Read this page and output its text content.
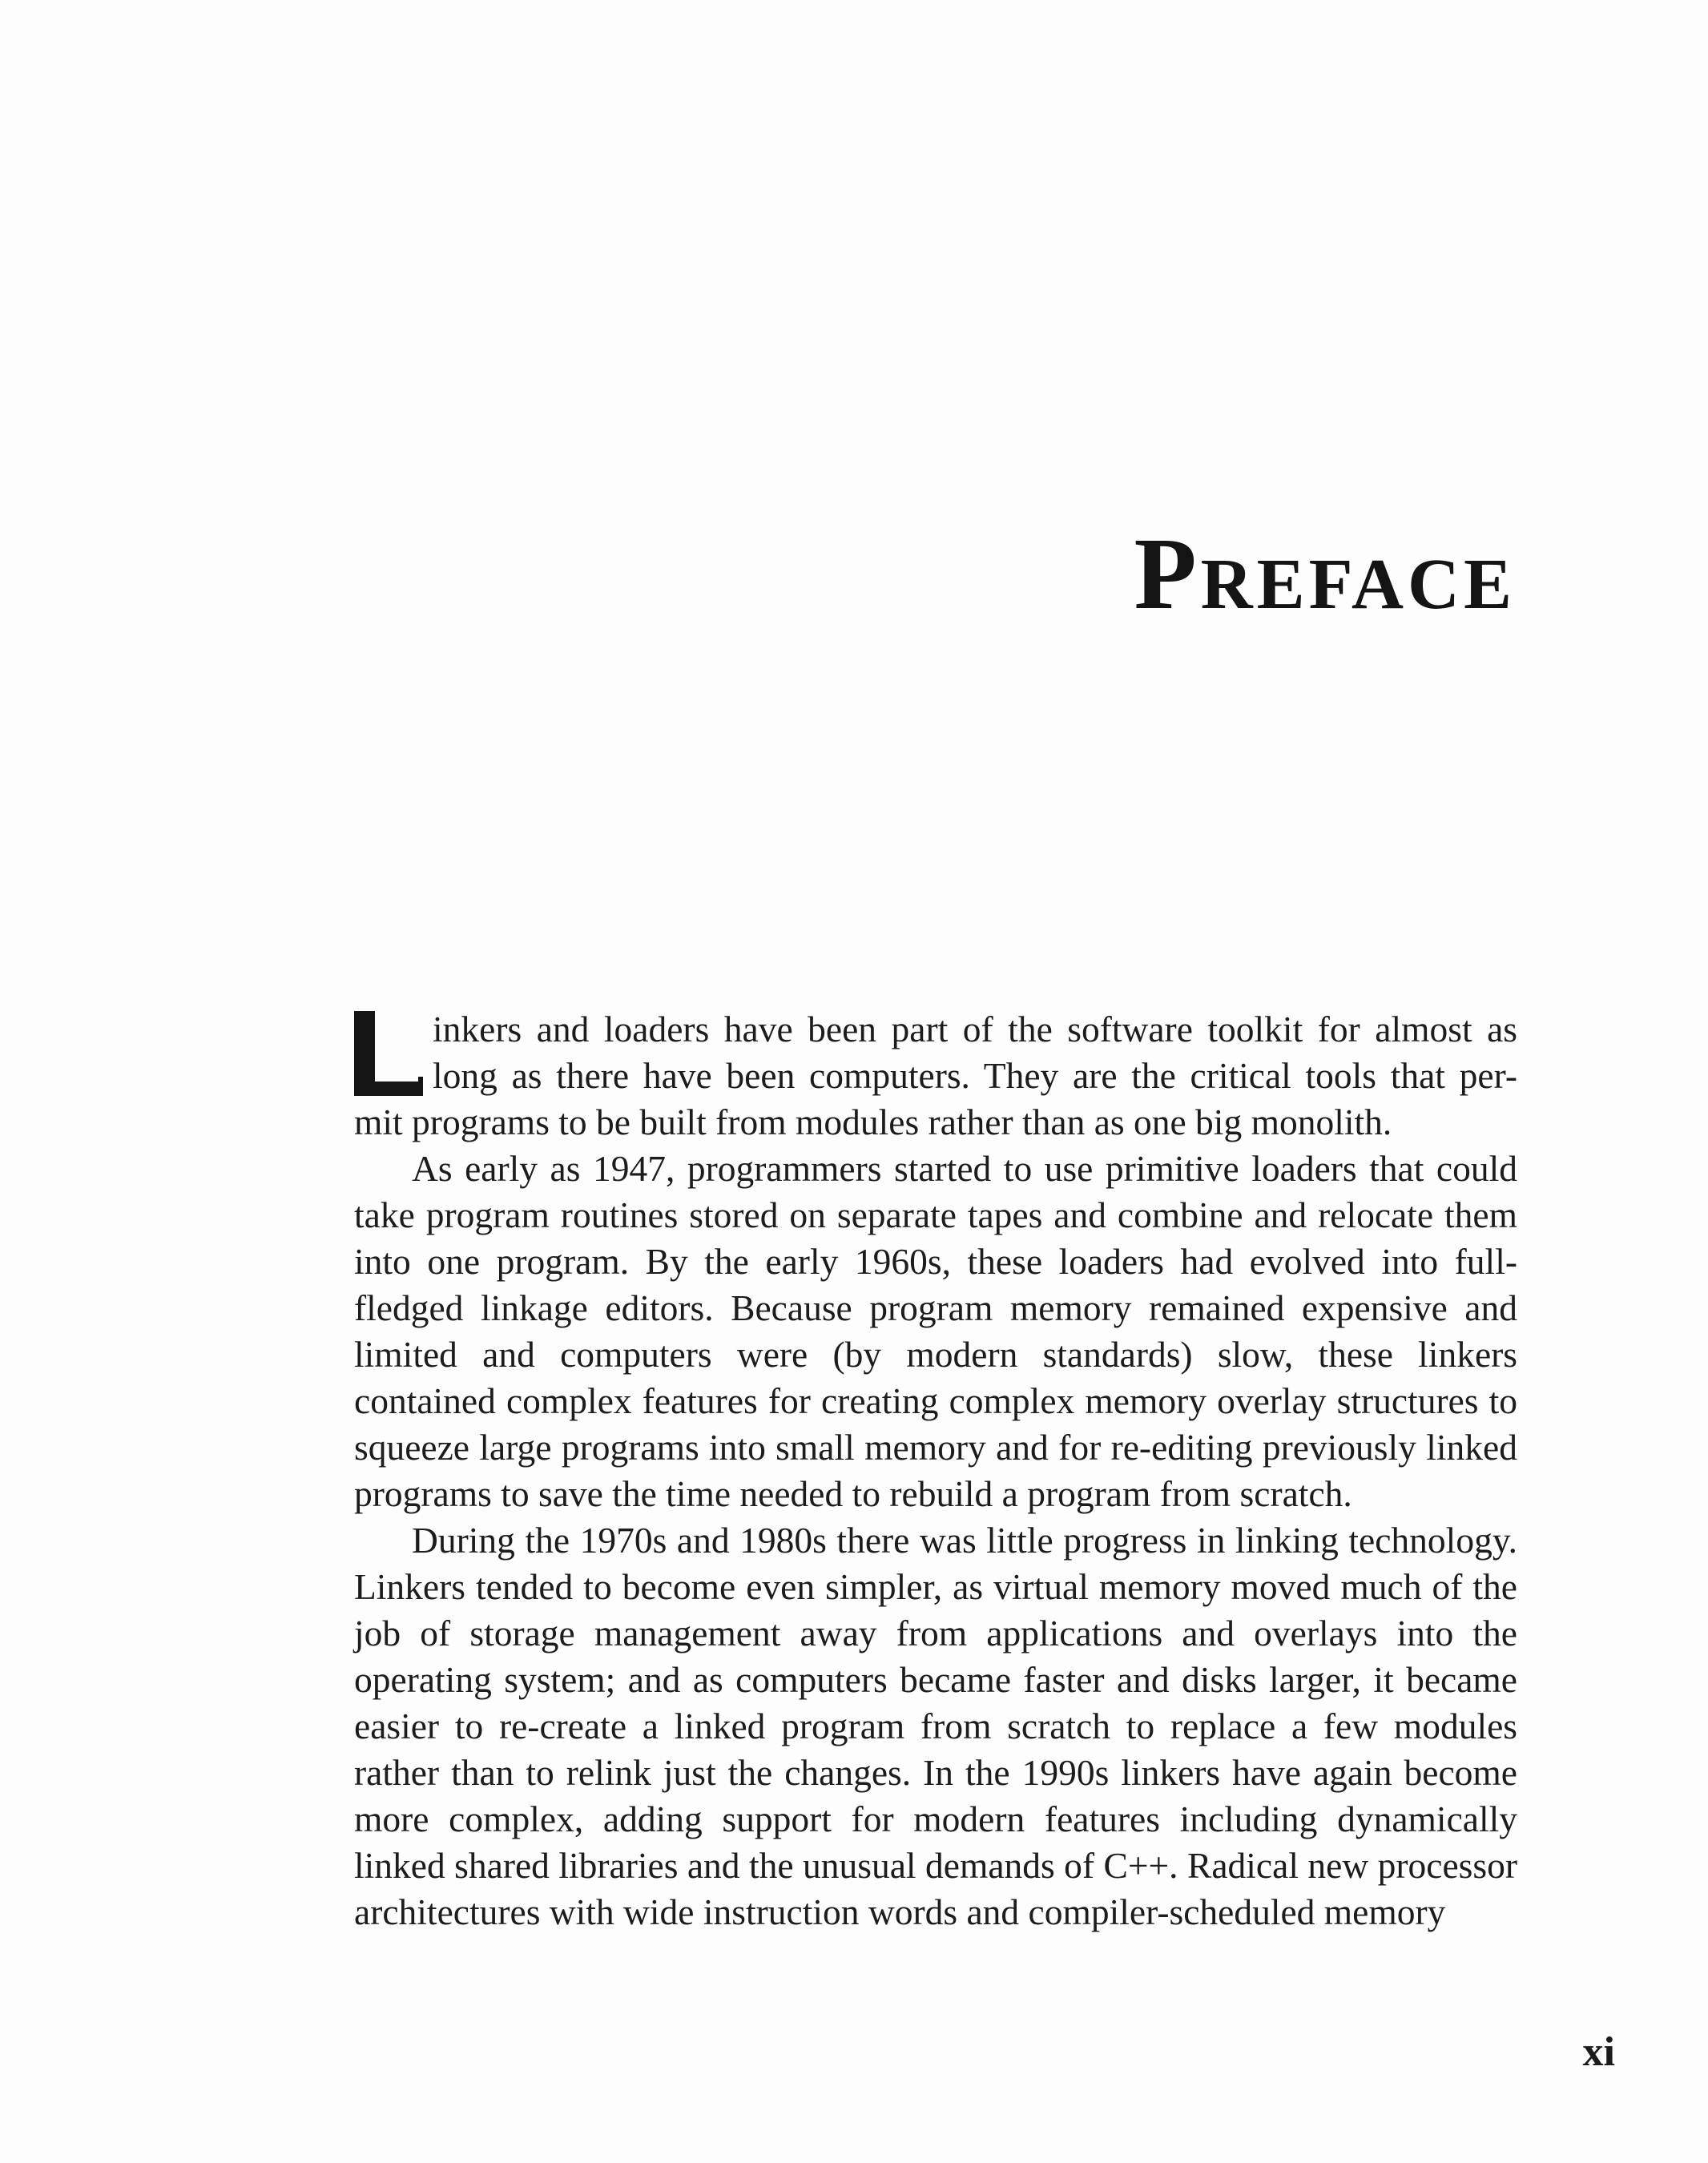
Preface

inkers and loaders have been part of the software toolkit for almost as
long as there have been computers. They are the critical tools that per-
mit programs to be built from modules rather than as one big monolith.

As early as 1947, programmers started to use primitive loaders that could take program routines stored on separate tapes and combine and relocate them into one program. By the early 1960s, these loaders had evolved into full-fledged linkage editors. Because program memory remained expensive and limited and computers were (by modern standards) slow, these linkers contained complex features for creating complex memory overlay structures to squeeze large programs into small memory and for re-editing previously linked programs to save the time needed to rebuild a program from scratch.

During the 1970s and 1980s there was little progress in linking technology. Linkers tended to become even simpler, as virtual memory moved much of the job of storage management away from applications and overlays into the operating system; and as computers became faster and disks larger, it became easier to re-create a linked program from scratch to replace a few modules rather than to relink just the changes. In the 1990s linkers have again become more complex, adding support for modern features including dynamically linked shared libraries and the unusual demands of C++. Radical new processor architectures with wide instruction words and compiler-scheduled memory

xi
